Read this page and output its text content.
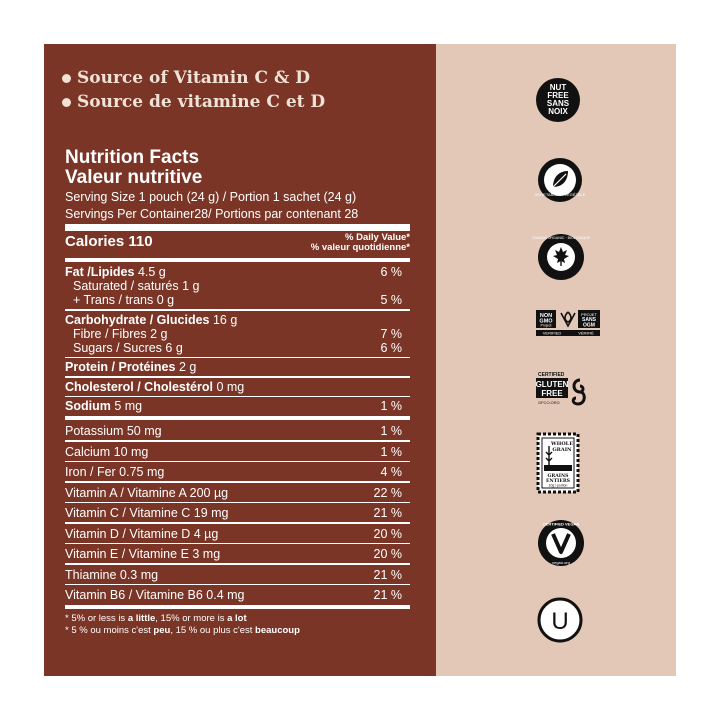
Source of Vitamin C & D
Source de vitamine C et D
Nutrition Facts
Valeur nutritive
Serving Size 1 pouch (24 g) / Portion 1 sachet (24 g)
Servings Per Container28/ Portions par contenant 28
Calories 110	% Daily Value*
% valeur quotidienne*
Fat /Lipides 4.5 g	6 %
Saturated / saturés 1 g
+ Trans / trans 0 g	5 %
Carbohydrate / Glucides 16 g
Fibre / Fibres 2 g	7 %
Sugars / Sucres 6 g	6 %
Protein / Protéines 2 g
Cholesterol / Cholestérol 0 mg
Sodium 5 mg	1 %
Potassium 50 mg	1 %
Calcium 10 mg	1 %
Iron / Fer 0.75 mg	4 %
Vitamin A / Vitamine A 200 µg	22 %
Vitamin C / Vitamine C 19 mg	21 %
Vitamin D / Vitamine D 4 µg	20 %
Vitamin E / Vitamine E 3 mg	20 %
Thiamine 0.3 mg	21 %
Vitamin B6 / Vitamine B6 0.4 mg	21 %
* 5% or less is a little, 15% or more is a lot
* 5 % ou moins c'est peu, 15 % ou plus c'est beaucoup
NUT
FREE
SANS
NOIX
VEGETABLES · VÉGÉTALE
CANADA ORGANIC · BIOLOGIQUE
NON
GMO
Project
PROJET
SANS
OGM
VERIFIED	VÉRIFIÉ
CERTIFIED
GLUTEN
FREE
GFCO.ORG
WHOLE
GRAIN
GRAINS
ENTIERS
10g / portion
CERTIFIED VEGAN
vegan.org
U
